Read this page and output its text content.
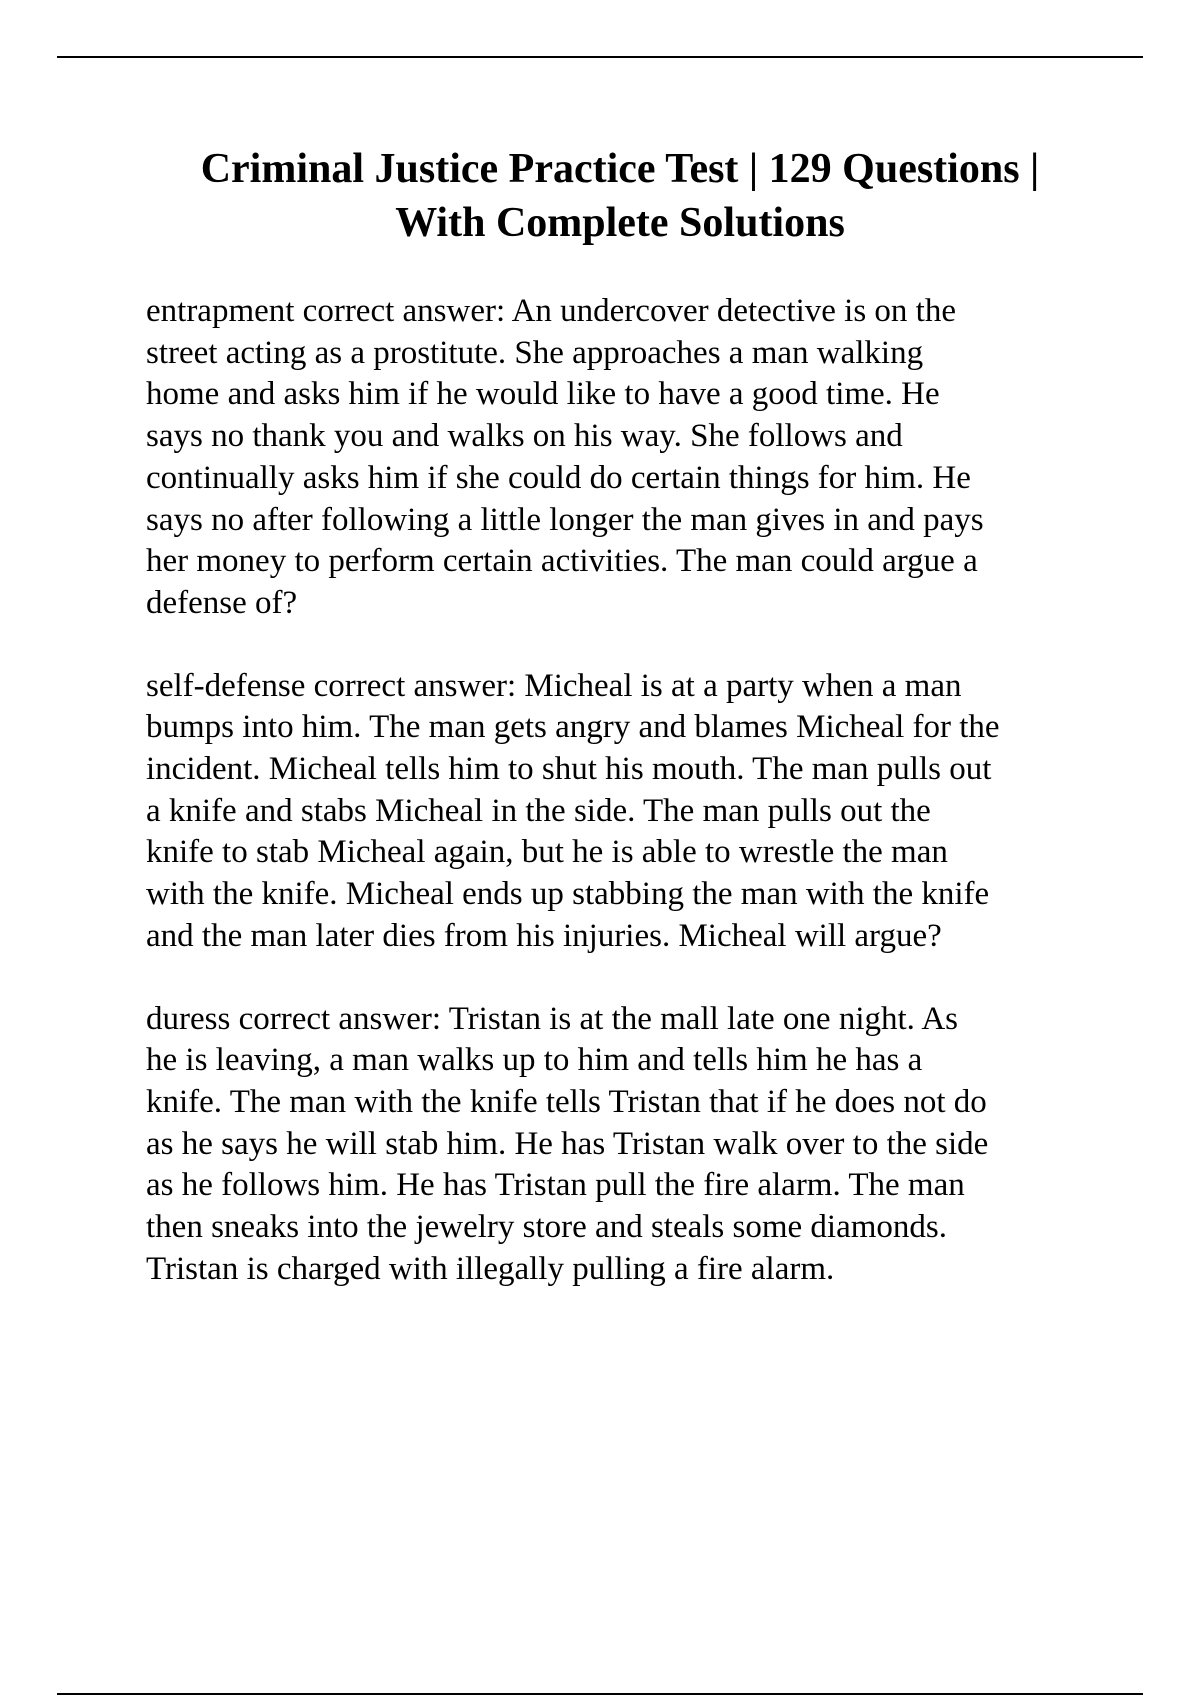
Criminal Justice Practice Test | 129 Questions |
With Complete Solutions

entrapment correct answer: An undercover detective is on the
street acting as a prostitute. She approaches a man walking
home and asks him if he would like to have a good time. He
says no thank you and walks on his way. She follows and
continually asks him if she could do certain things for him. He
says no after following a little longer the man gives in and pays
her money to perform certain activities. The man could argue a
defense of?

self-defense correct answer: Micheal is at a party when a man
bumps into him. The man gets angry and blames Micheal for the
incident. Micheal tells him to shut his mouth. The man pulls out
a knife and stabs Micheal in the side. The man pulls out the
knife to stab Micheal again, but he is able to wrestle the man
with the knife. Micheal ends up stabbing the man with the knife
and the man later dies from his injuries. Micheal will argue?

duress correct answer: Tristan is at the mall late one night. As
he is leaving, a man walks up to him and tells him he has a
knife. The man with the knife tells Tristan that if he does not do
as he says he will stab him. He has Tristan walk over to the side
as he follows him. He has Tristan pull the fire alarm. The man
then sneaks into the jewelry store and steals some diamonds.
Tristan is charged with illegally pulling a fire alarm.
